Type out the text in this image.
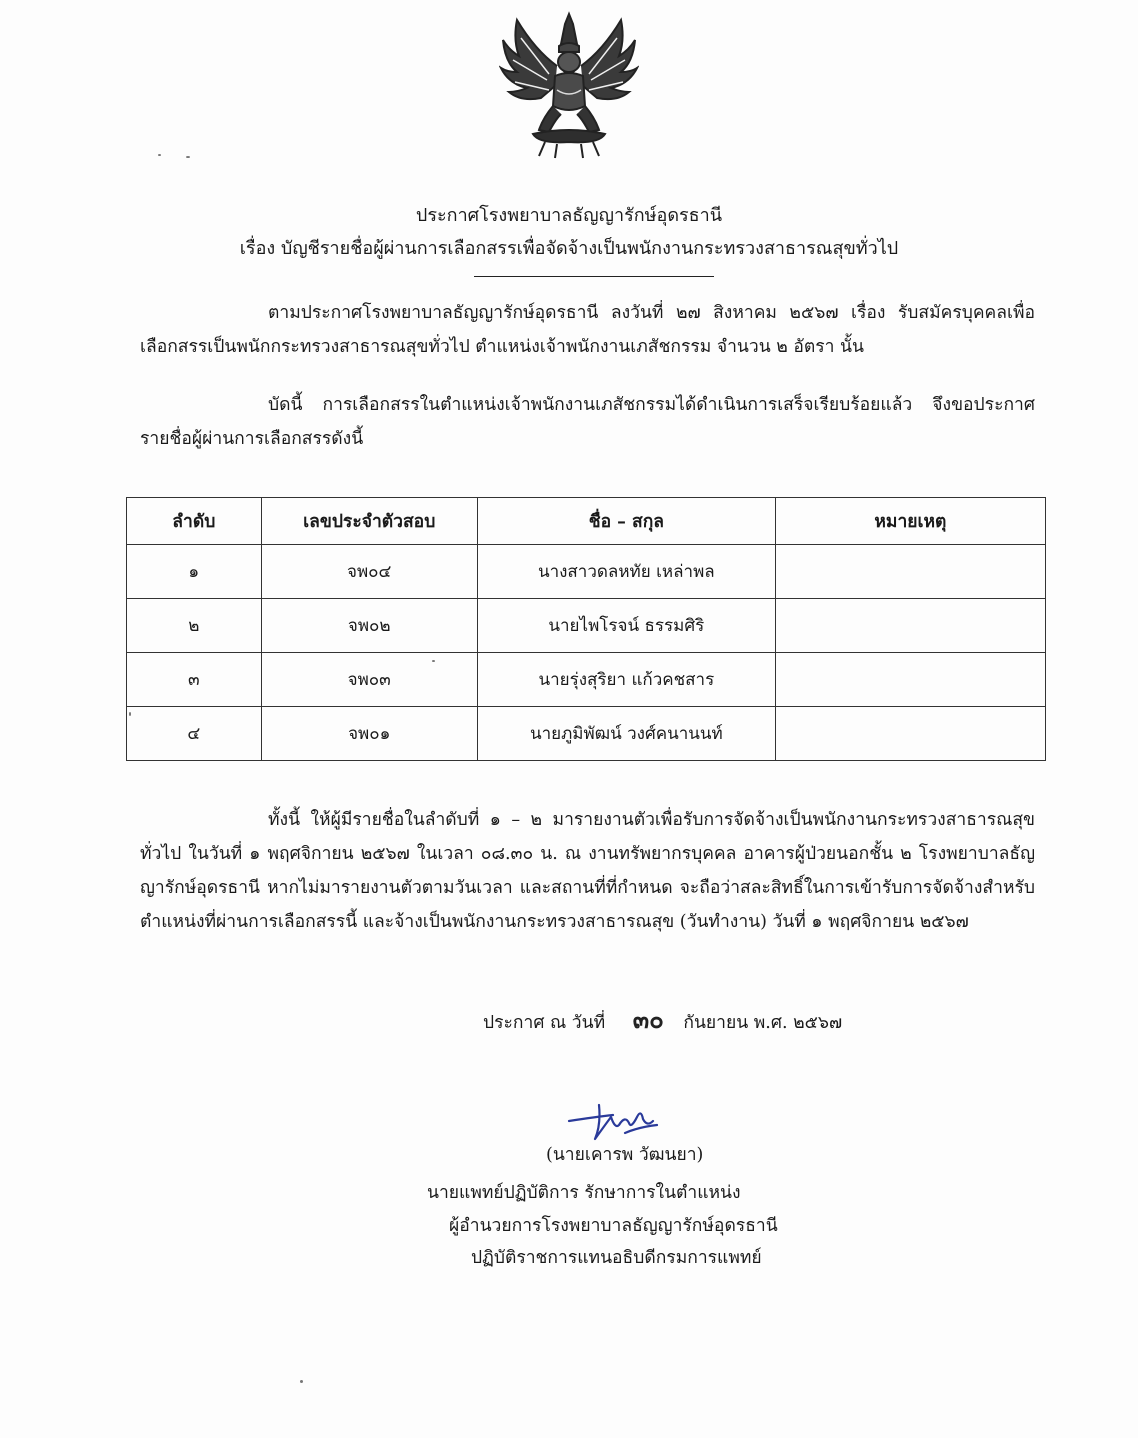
ประกาศโรงพยาบาลธัญญารักษ์อุดรธานี
เรื่อง บัญชีรายชื่อผู้ผ่านการเลือกสรรเพื่อจัดจ้างเป็นพนักงานกระทรวงสาธารณสุขทั่วไป
ตามประกาศโรงพยาบาลธัญญารักษ์อุดรธานี ลงวันที่ ๒๗ สิงหาคม ๒๕๖๗ เรื่อง รับสมัครบุคคลเพื่อเลือกสรรเป็นพนักกระทรวงสาธารณสุขทั่วไป ตำแหน่งเจ้าพนักงานเภสัชกรรม จำนวน ๒ อัตรา นั้น
บัดนี้ การเลือกสรรในตำแหน่งเจ้าพนักงานเภสัชกรรมได้ดำเนินการเสร็จเรียบร้อยแล้ว จึงขอประกาศรายชื่อผู้ผ่านการเลือกสรรดังนี้
ลำดับ	เลขประจำตัวสอบ	ชื่อ – สกุล	หมายเหตุ
๑	จพ๐๔	นางสาวดลหทัย เหล่าพล	
๒	จพ๐๒	นายไพโรจน์ ธรรมศิริ	
๓	จพ๐๓	นายรุ่งสุริยา แก้วคชสาร	
๔	จพ๐๑	นายภูมิพัฒน์ วงศ์คนานนท์	
ทั้งนี้ ให้ผู้มีรายชื่อในลำดับที่ ๑ – ๒ มารายงานตัวเพื่อรับการจัดจ้างเป็นพนักงานกระทรวงสาธารณสุขทั่วไป ในวันที่ ๑ พฤศจิกายน ๒๕๖๗ ในเวลา ๐๘.๓๐ น. ณ งานทรัพยากรบุคคล อาคารผู้ป่วยนอกชั้น ๒ โรงพยาบาลธัญญารักษ์อุดรธานี หากไม่มารายงานตัวตามวันเวลา และสถานที่ที่กำหนด จะถือว่าสละสิทธิ์ในการเข้ารับการจัดจ้างสำหรับตำแหน่งที่ผ่านการเลือกสรรนี้ และจ้างเป็นพนักงานกระทรวงสาธารณสุข (วันทำงาน) วันที่ ๑ พฤศจิกายน ๒๕๖๗
ประกาศ ณ วันที่ ๓๐ กันยายน พ.ศ. ๒๕๖๗
(นายเคารพ วัฒนยา)
นายแพทย์ปฏิบัติการ รักษาการในตำแหน่ง
ผู้อำนวยการโรงพยาบาลธัญญารักษ์อุดรธานี
ปฏิบัติราชการแทนอธิบดีกรมการแพทย์
